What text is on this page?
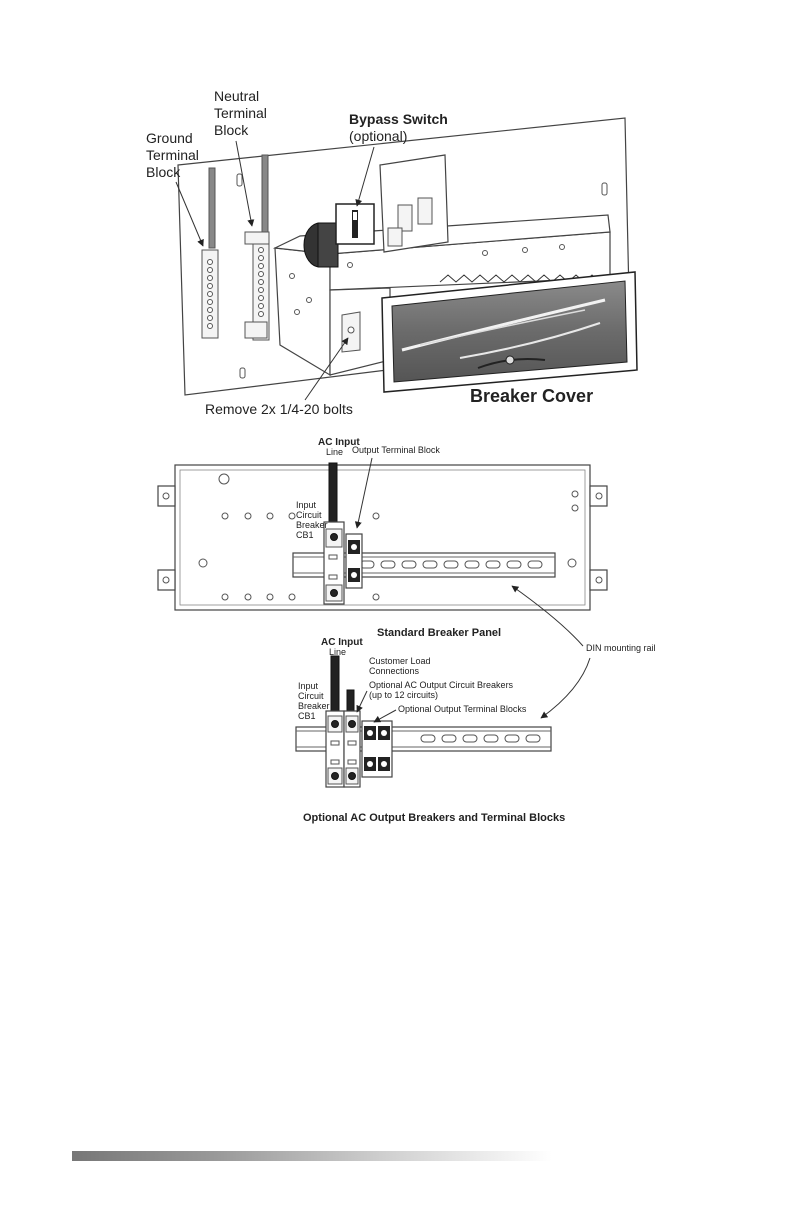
Ground
Terminal
Block
Neutral
Terminal
Block
Bypass Switch
(optional)
Remove 2x 1/4-20 bolts
Breaker Cover
AC Input
Line Output Terminal Block
Input
Circuit
Breaker
CB1
Standard Breaker Panel
DIN mounting rail
AC Input
Line
Customer Load
Connections
Optional AC Output Circuit Breakers
(up to 12 circuits)
Optional Output Terminal Blocks
Input
Circuit
Breaker
CB1
Optional AC Output Breakers and Terminal Blocks
